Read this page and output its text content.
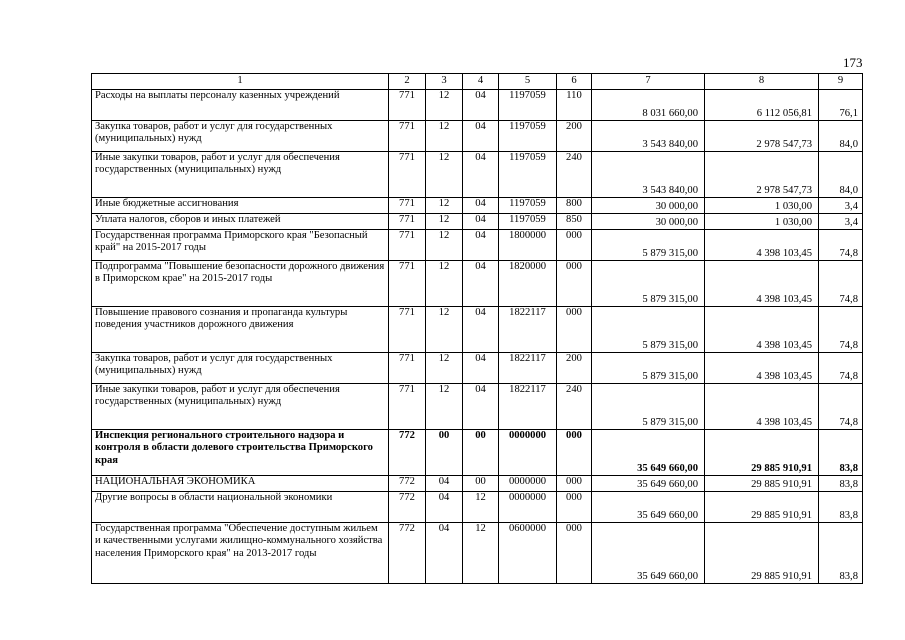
173
1	2	3	4	5	6	7	8	9
Расходы на выплаты персоналу казенных учреждений	771	12	04	1197059	110	8 031 660,00	6 112 056,81	76,1
Закупка товаров, работ и услуг для государственных (муниципальных) нужд	771	12	04	1197059	200	3 543 840,00	2 978 547,73	84,0
Иные закупки товаров, работ и услуг для обеспечения государственных (муниципальных) нужд	771	12	04	1197059	240	3 543 840,00	2 978 547,73	84,0
Иные бюджетные ассигнования	771	12	04	1197059	800	30 000,00	1 030,00	3,4
Уплата налогов, сборов и иных платежей	771	12	04	1197059	850	30 000,00	1 030,00	3,4
Государственная программа Приморского края "Безопасный край" на 2015-2017 годы	771	12	04	1800000	000	5 879 315,00	4 398 103,45	74,8
Подпрограмма "Повышение безопасности дорожного движения в Приморском крае" на 2015-2017 годы	771	12	04	1820000	000	5 879 315,00	4 398 103,45	74,8
Повышение правового сознания и пропаганда культуры поведения участников дорожного движения	771	12	04	1822117	000	5 879 315,00	4 398 103,45	74,8
Закупка товаров, работ и услуг для государственных (муниципальных) нужд	771	12	04	1822117	200	5 879 315,00	4 398 103,45	74,8
Иные закупки товаров, работ и услуг для обеспечения государственных (муниципальных) нужд	771	12	04	1822117	240	5 879 315,00	4 398 103,45	74,8
Инспекция регионального строительного надзора и контроля в области долевого строительства Приморского края	772	00	00	0000000	000	35 649 660,00	29 885 910,91	83,8
НАЦИОНАЛЬНАЯ ЭКОНОМИКА	772	04	00	0000000	000	35 649 660,00	29 885 910,91	83,8
Другие вопросы в области национальной экономики	772	04	12	0000000	000	35 649 660,00	29 885 910,91	83,8
Государственная программа "Обеспечение доступным жильем и качественными услугами жилищно-коммунального хозяйства населения Приморского края" на 2013-2017 годы	772	04	12	0600000	000	35 649 660,00	29 885 910,91	83,8
